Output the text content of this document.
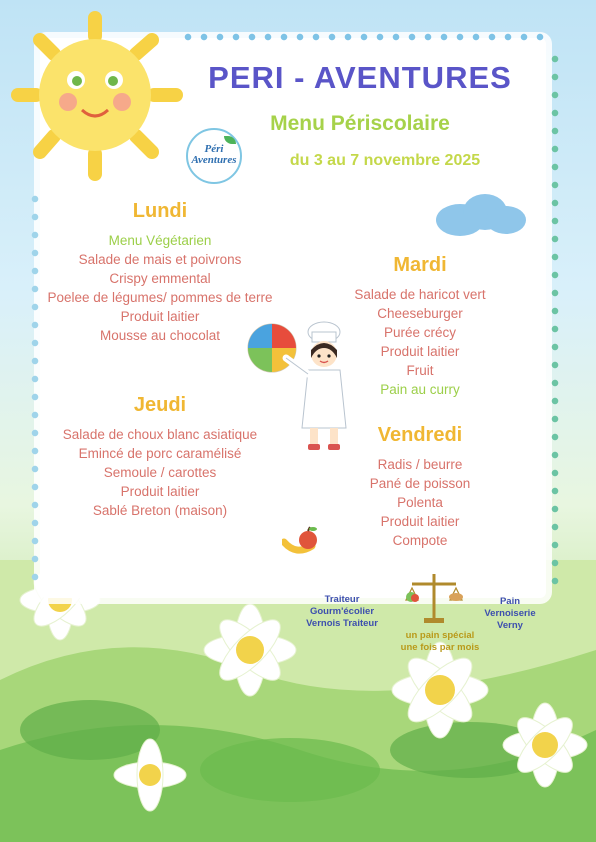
PERI - AVENTURES
Menu Périscolaire
du 3 au 7 novembre 2025
Péri
Aventures
Lundi
Menu Végétarien
Salade de mais et poivrons
Crispy emmental
Poelee de légumes/ pommes de terre
Produit laitier
Mousse au chocolat
Mardi
Salade de haricot vert
Cheeseburger
Purée crécy
Produit laitier
Fruit
Pain au curry
Jeudi
Salade de choux blanc asiatique
Emincé de porc caramélisé
Semoule / carottes
Produit laitier
Sablé Breton (maison)
Vendredi
Radis / beurre
Pané de poisson
Polenta
Produit laitier
Compote
Traiteur
Gourm'écolier
Vernois Traiteur
Pain
Vernoiserie
Verny
un pain spécial
une fois par mois
